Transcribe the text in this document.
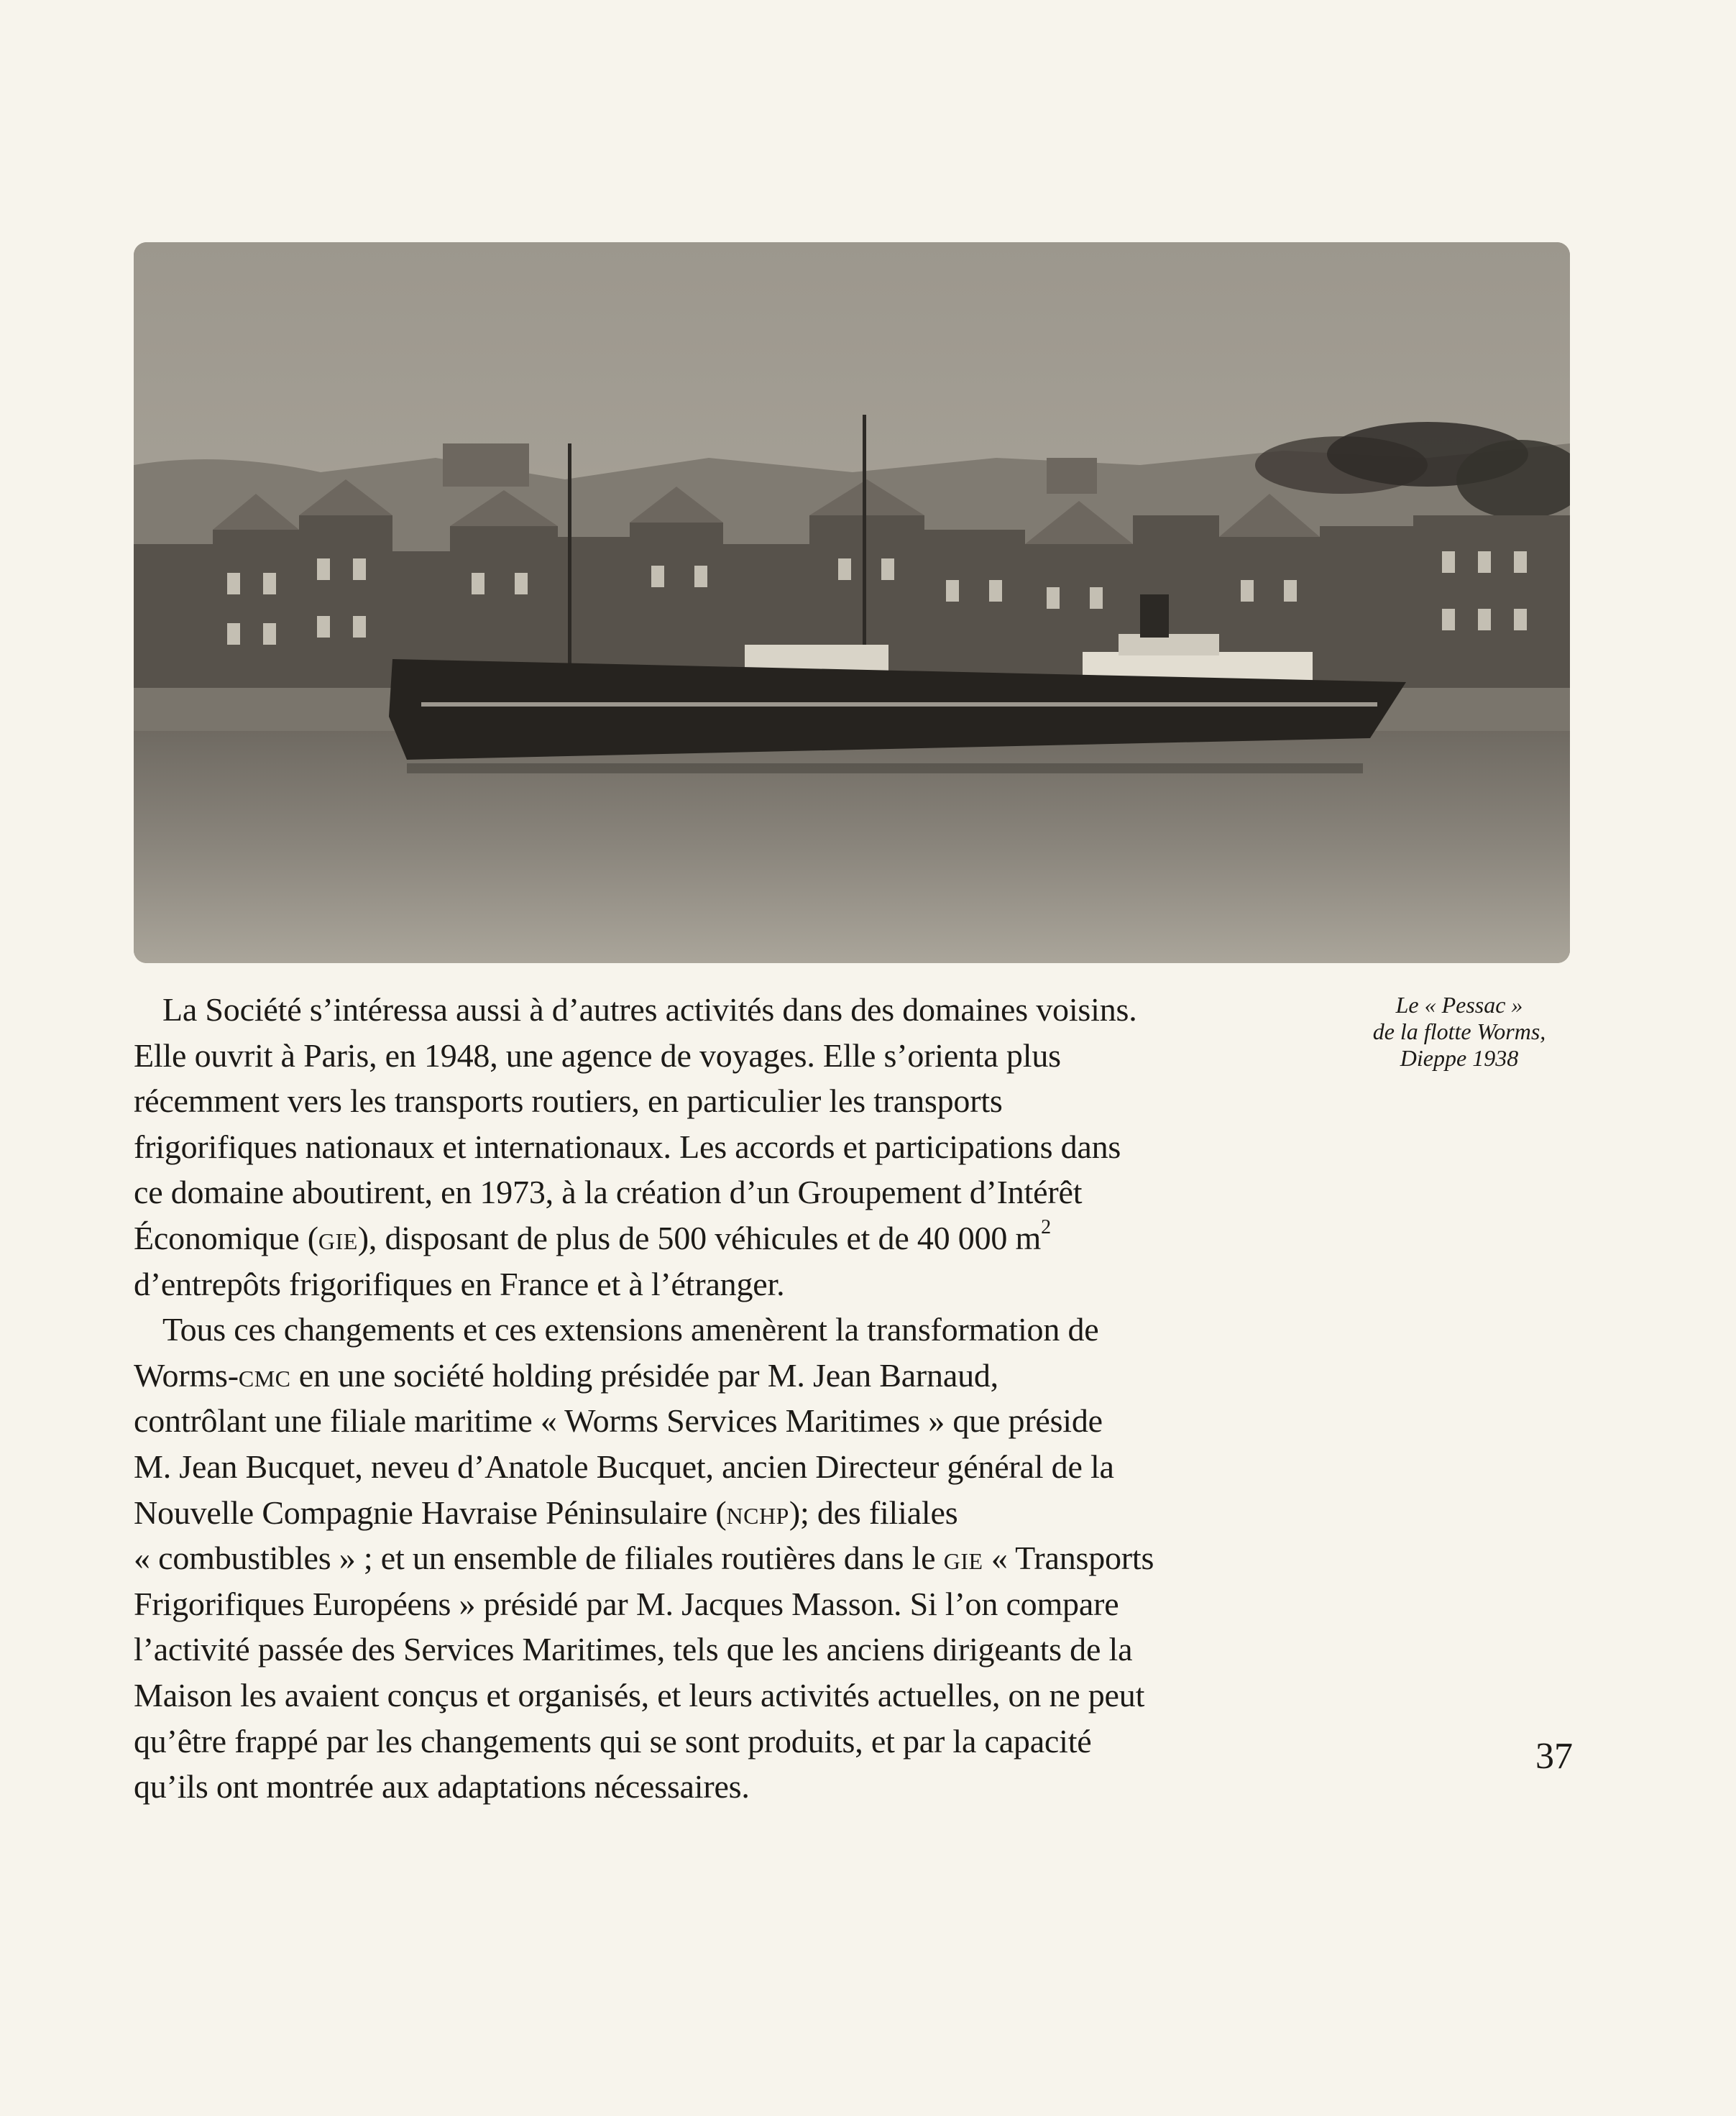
Le « Pessac »
de la flotte Worms,
Dieppe 1938

La Société s’intéressa aussi à d’autres activités dans des domaines voisins.
Elle ouvrit à Paris, en 1948, une agence de voyages. Elle s’orienta plus
récemment vers les transports routiers, en particulier les transports
frigorifiques nationaux et internationaux. Les accords et participations dans
ce domaine aboutirent, en 1973, à la création d’un Groupement d’Intérêt
Économique (gie), disposant de plus de 500 véhicules et de 40 000 $m^2$
d’entrepôts frigorifiques en France et à l’étranger.

Tous ces changements et ces extensions amenèrent la transformation de
Worms-cmc en une société holding présidée par M. Jean Barnaud,
contrôlant une filiale maritime « Worms Services Maritimes » que préside
M. Jean Bucquet, neveu d’Anatole Bucquet, ancien Directeur général de la
Nouvelle Compagnie Havraise Péninsulaire (nchp); des filiales
« combustibles » ; et un ensemble de filiales routières dans le gie « Transports
Frigorifiques Européens » présidé par M. Jacques Masson. Si l’on compare
l’activité passée des Services Maritimes, tels que les anciens dirigeants de la
Maison les avaient conçus et organisés, et leurs activités actuelles, on ne peut
qu’être frappé par les changements qui se sont produits, et par la capacité
qu’ils ont montrée aux adaptations nécessaires.

37
